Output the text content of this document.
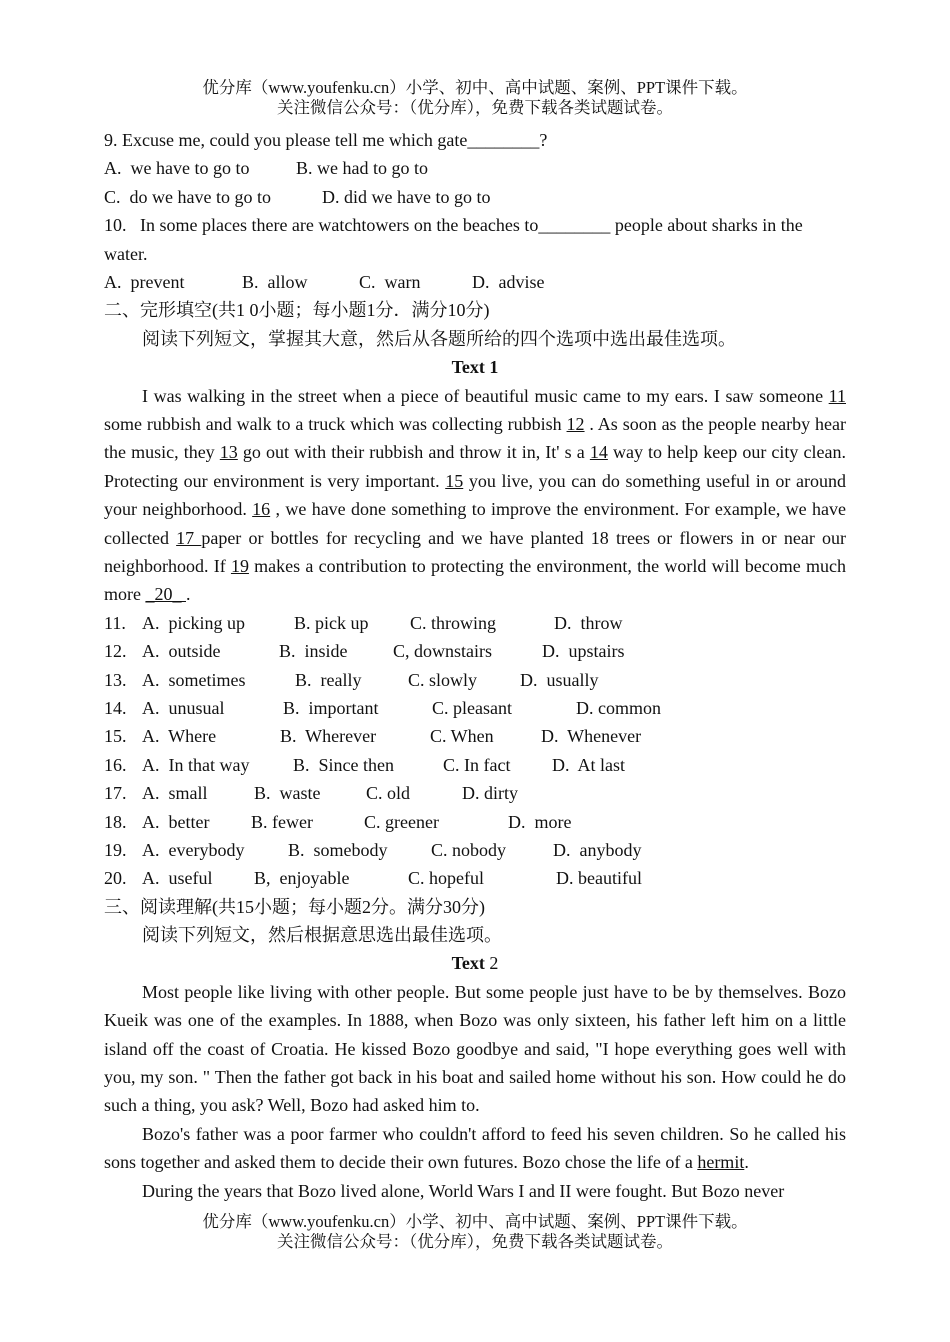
优分库（www.youfenku.cn）小学、初中、高中试题、案例、PPT课件下载。
关注微信公众号：（优分库），免费下载各类试题试卷。
9. Excuse me, could you please tell me which gate________?
A.  we have to go to	B. we had to go to
C.  do we have to go to	D. did we have to go to
10.   In some places there are watchtowers on the beaches to________ people about sharks in the
water.
A.  prevent	B.  allow	C.  warn	D.  advise
二、完形填空(共1 0小题；每小题1分．满分10分)
阅读下列短文，掌握其大意，然后从各题所给的四个选项中选出最佳选项。
Text 1
I was walking in the street when a piece of beautiful music came to my ears. I saw someone 11 some rubbish and walk to a truck which was collecting rubbish 12 . As soon as the people nearby hear the music, they 13 go out with their rubbish and throw it in, It' s a 14 way to help keep our city clean. Protecting our environment is very important. 15 you live, you can do something useful in or around your neighborhood. 16 , we have done something to improve the environment. For example, we have collected 17 paper or bottles for recycling and we have planted 18 trees or flowers in or near our neighborhood. If 19 makes a contribution to protecting the environment, the world will become much more _20_ .
11. A.  picking up	B. pick up	C. throwing	D.  throw
12. A.  outside	B.  inside	C, downstairs	D.  upstairs
13. A.  sometimes	B.  really	C. slowly	D.  usually
14. A.  unusual	B.  important	C. pleasant	D. common
15. A.  Where	B.  Wherever	C. When	D.  Whenever
16. A.  In that way	B.  Since then	C. In fact	D.  At last
17. A.  small	B.  waste	C. old	D. dirty
18. A.  better	B. fewer	C. greener	D.  more
19. A.  everybody	B.  somebody	C. nobody	D.  anybody
20. A.  useful	B,  enjoyable	C. hopeful	D. beautiful
三、阅读理解(共15小题；每小题2分。满分30分)
阅读下列短文，然后根据意思选出最佳选项。
Text 2
Most people like living with other people. But some people just have to be by themselves. Bozo Kueik was one of the examples. In 1888, when Bozo was only sixteen, his father left him on a little island off the coast of Croatia. He kissed Bozo goodbye and said, "I hope everything goes well with you, my son. " Then the father got back in his boat and sailed home without his son. How could he do such a thing, you ask? Well, Bozo had asked him to.
Bozo's father was a poor farmer who couldn't afford to feed his seven children. So he called his sons together and asked them to decide their own futures. Bozo chose the life of a hermit.
During the years that Bozo lived alone, World Wars I and II were fought. But Bozo never
优分库（www.youfenku.cn）小学、初中、高中试题、案例、PPT课件下载。
关注微信公众号：（优分库），免费下载各类试题试卷。
